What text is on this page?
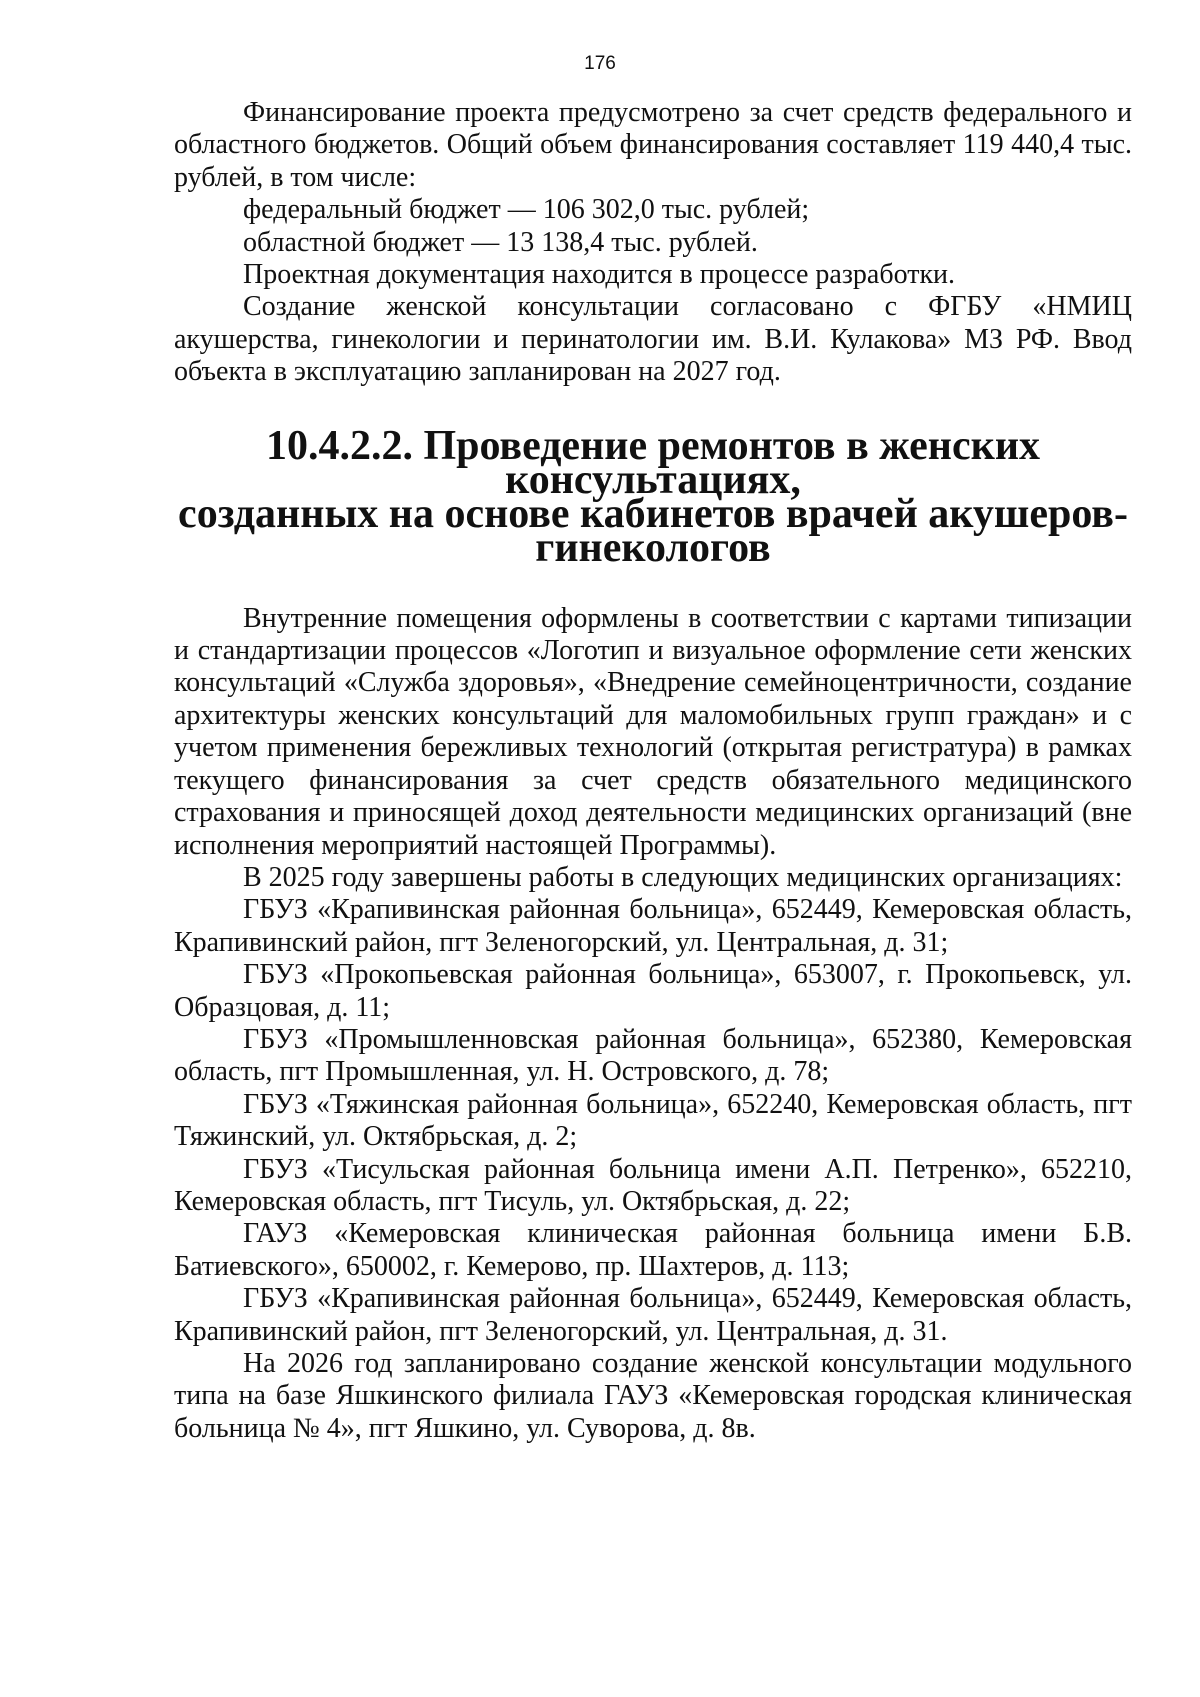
176

Финансирование проекта предусмотрено за счет средств федерального и областного бюджетов. Общий объем финансирования составляет 119 440,4 тыс. рублей, в том числе:

федеральный бюджет — 106 302,0 тыс. рублей;

областной бюджет — 13 138,4 тыс. рублей.

Проектная документация находится в процессе разработки.

Создание женской консультации согласовано с ФГБУ «НМИЦ акушерства, гинекологии и перинатологии им. В.И. Кулакова» МЗ РФ. Ввод объекта в эксплуатацию запланирован на 2027 год.

10.4.2.2. Проведение ремонтов в женских консультациях,
созданных на основе кабинетов врачей акушеров-гинекологов

Внутренние помещения оформлены в соответствии с картами типизации и стандартизации процессов «Логотип и визуальное оформление сети женских консультаций «Служба здоровья», «Внедрение семейноцентричности, создание архитектуры женских консультаций для маломобильных групп граждан» и с учетом применения бережливых технологий (открытая регистратура) в рамках текущего финансирования за счет средств обязательного медицинского страхования и приносящей доход деятельности медицинских организаций (вне исполнения мероприятий настоящей Программы).

В 2025 году завершены работы в следующих медицинских организациях:

ГБУЗ «Крапивинская районная больница», 652449, Кемеровская область, Крапивинский район, пгт Зеленогорский, ул. Центральная, д. 31;

ГБУЗ «Прокопьевская районная больница», 653007, г. Прокопьевск, ул. Образцовая, д. 11;

ГБУЗ «Промышленновская районная больница», 652380, Кемеровская область, пгт Промышленная, ул. Н. Островского, д. 78;

ГБУЗ «Тяжинская районная больница», 652240, Кемеровская область, пгт Тяжинский, ул. Октябрьская, д. 2;

ГБУЗ «Тисульская районная больница имени А.П. Петренко», 652210, Кемеровская область, пгт Тисуль, ул. Октябрьская, д. 22;

ГАУЗ «Кемеровская клиническая районная больница имени Б.В. Батиевского», 650002, г. Кемерово, пр. Шахтеров, д. 113;

ГБУЗ «Крапивинская районная больница», 652449, Кемеровская область, Крапивинский район, пгт Зеленогорский, ул. Центральная, д. 31.

На 2026 год запланировано создание женской консультации модульного типа на базе Яшкинского филиала ГАУЗ «Кемеровская городская клиническая больница № 4», пгт Яшкино, ул. Суворова, д. 8в.
